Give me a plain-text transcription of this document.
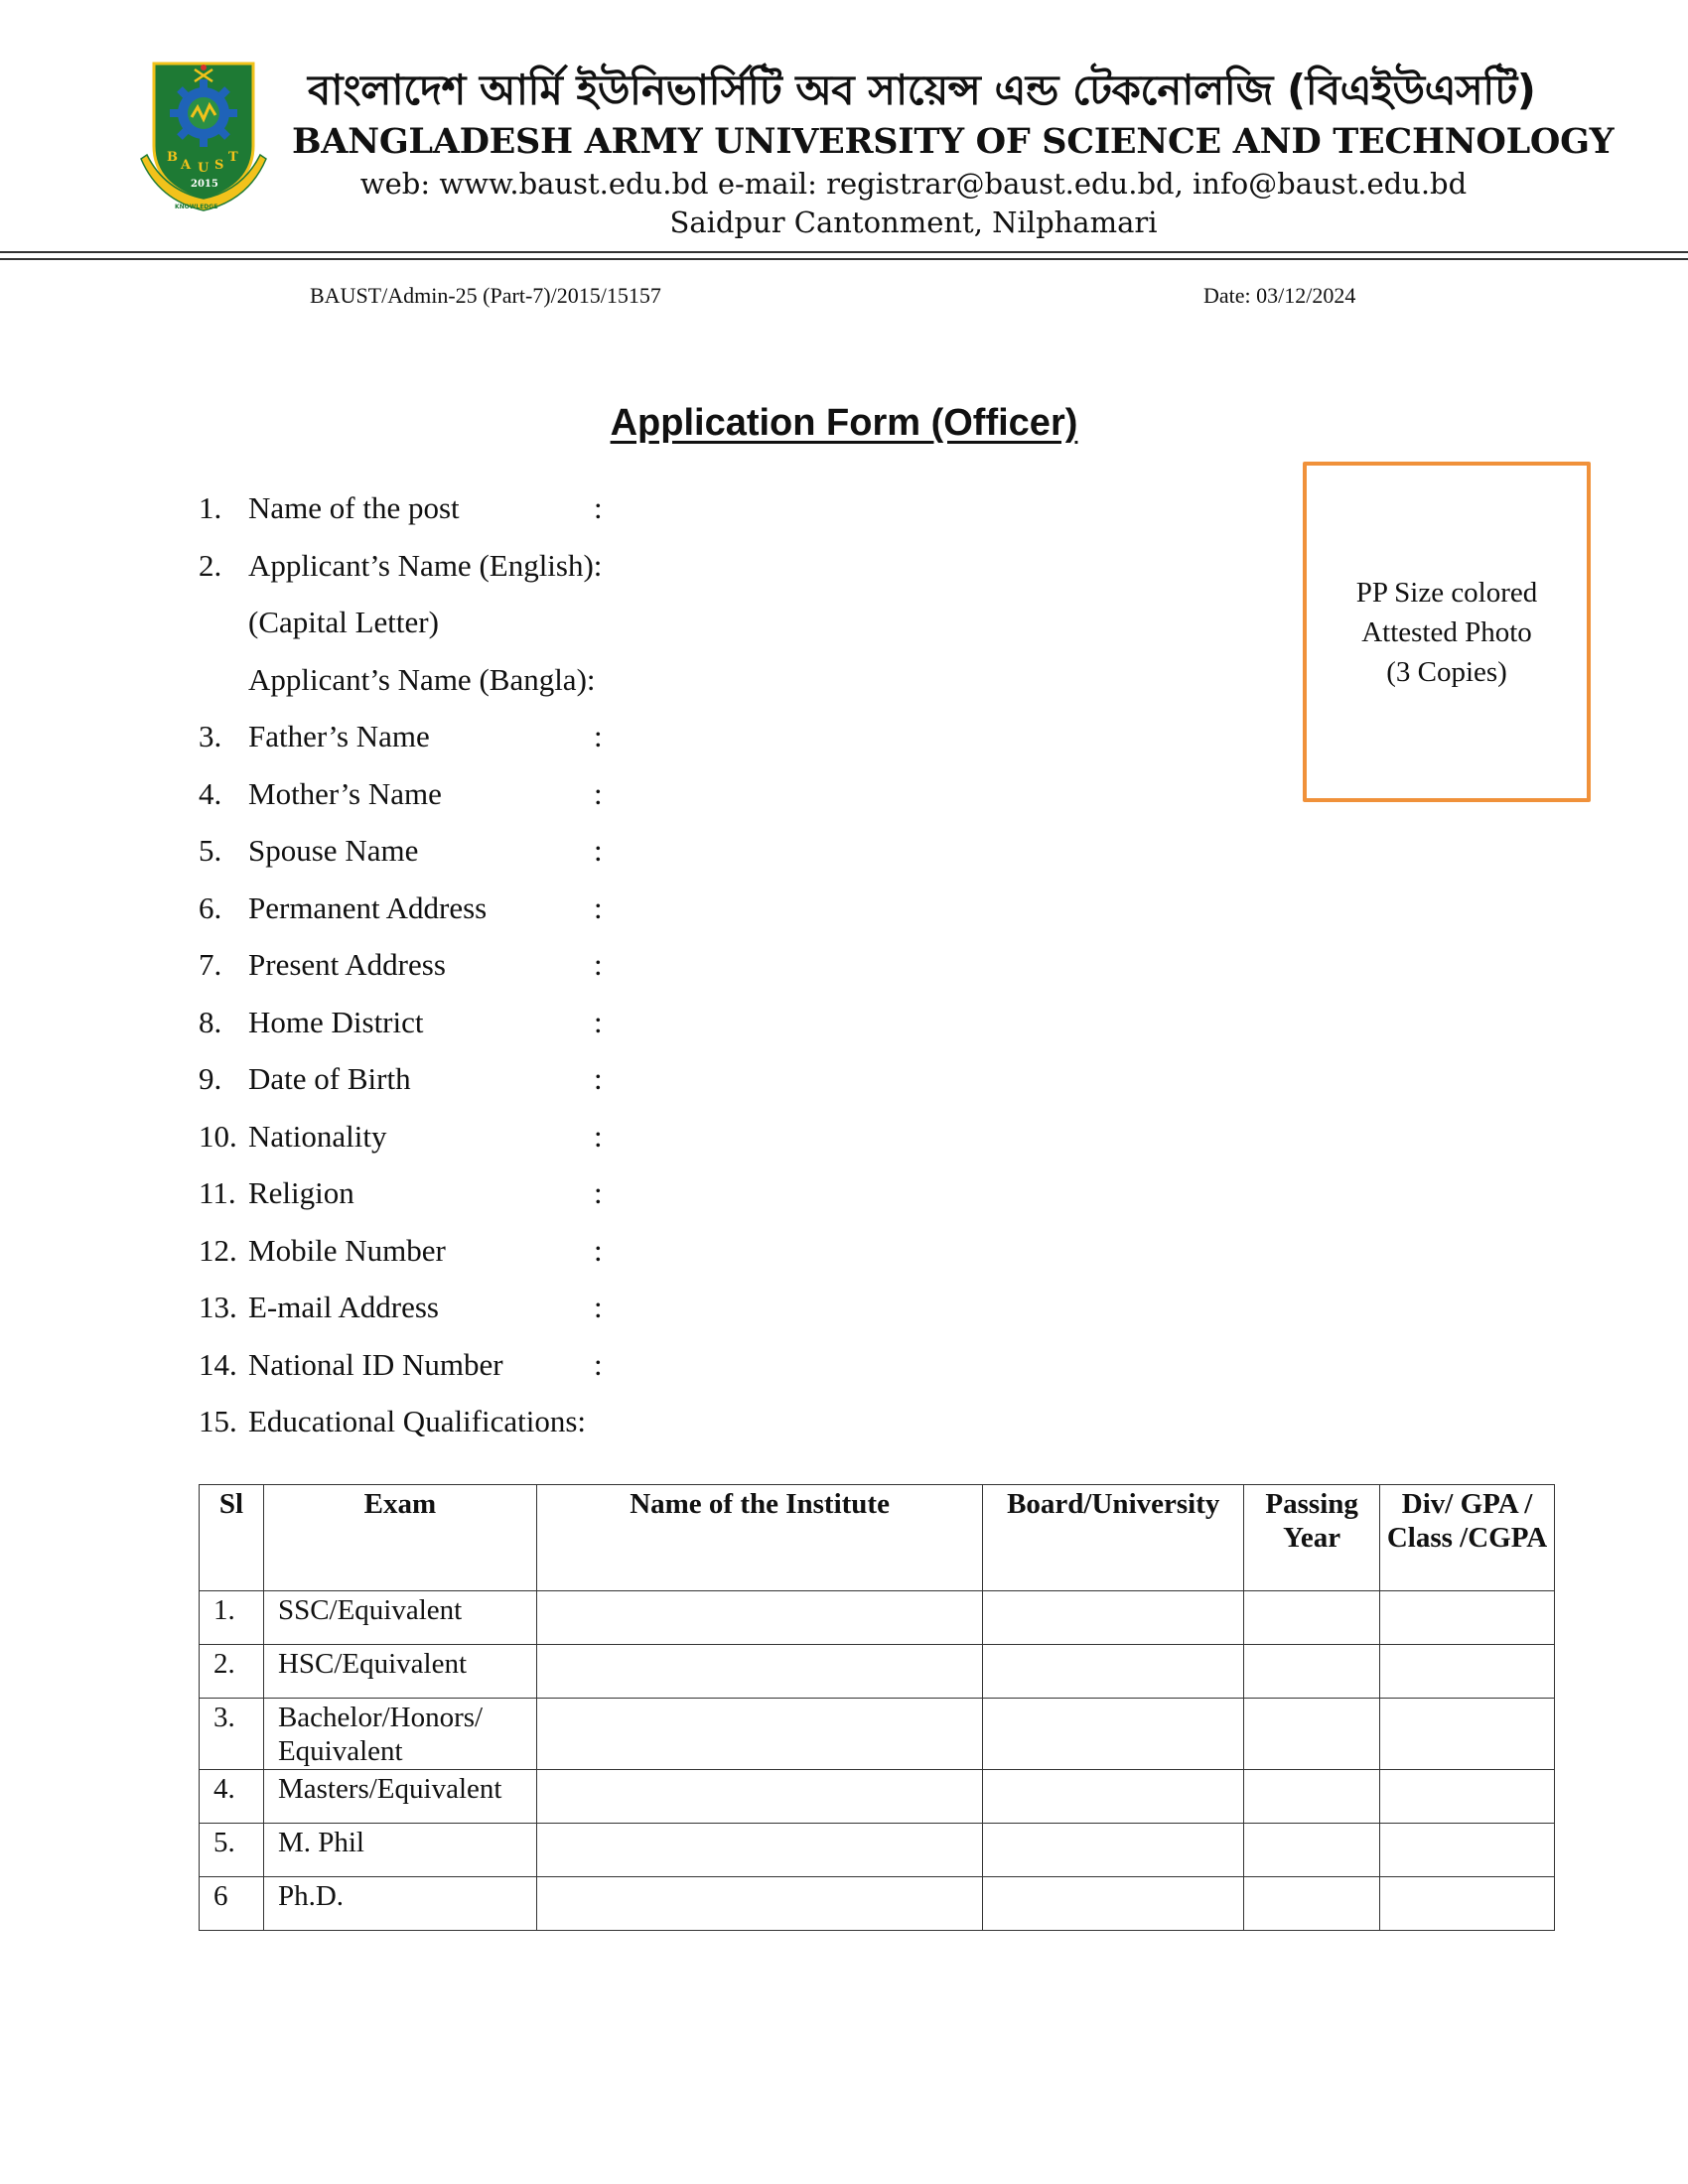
B
A U S
T
2015
KNOWLEDGE
বাংলাদেশ আর্মি ইউনিভার্সিটি অব সায়েন্স এন্ড টেকনোলজি (বিএইউএসটি)
BANGLADESH ARMY UNIVERSITY OF SCIENCE AND TECHNOLOGY
web: www.baust.edu.bd e-mail: registrar@baust.edu.bd, info@baust.edu.bd
Saidpur Cantonment, Nilphamari
BAUST/Admin-25 (Part-7)/2015/15157	Date: 03/12/2024
Application Form (Officer)
PP Size colored
Attested Photo
(3 Copies)
1. Name of the post	:
2. Applicant’s Name (English):
(Capital Letter)
Applicant’s Name (Bangla):
3. Father’s Name	:
4. Mother’s Name	:
5. Spouse Name	:
6. Permanent Address	:
7. Present Address	:
8. Home District	:
9. Date of Birth	:
10. Nationality	:
11. Religion	:
12. Mobile Number	:
13. E-mail Address	:
14. National ID Number	:
15. Educational Qualifications:
Sl	Exam	Name of the Institute	Board/University	Passing Year	Div/ GPA / Class /CGPA
1.	SSC/Equivalent				
2.	HSC/Equivalent				
3.	Bachelor/Honors/ Equivalent				
4.	Masters/Equivalent				
5.	M. Phil				
6	Ph.D.				
